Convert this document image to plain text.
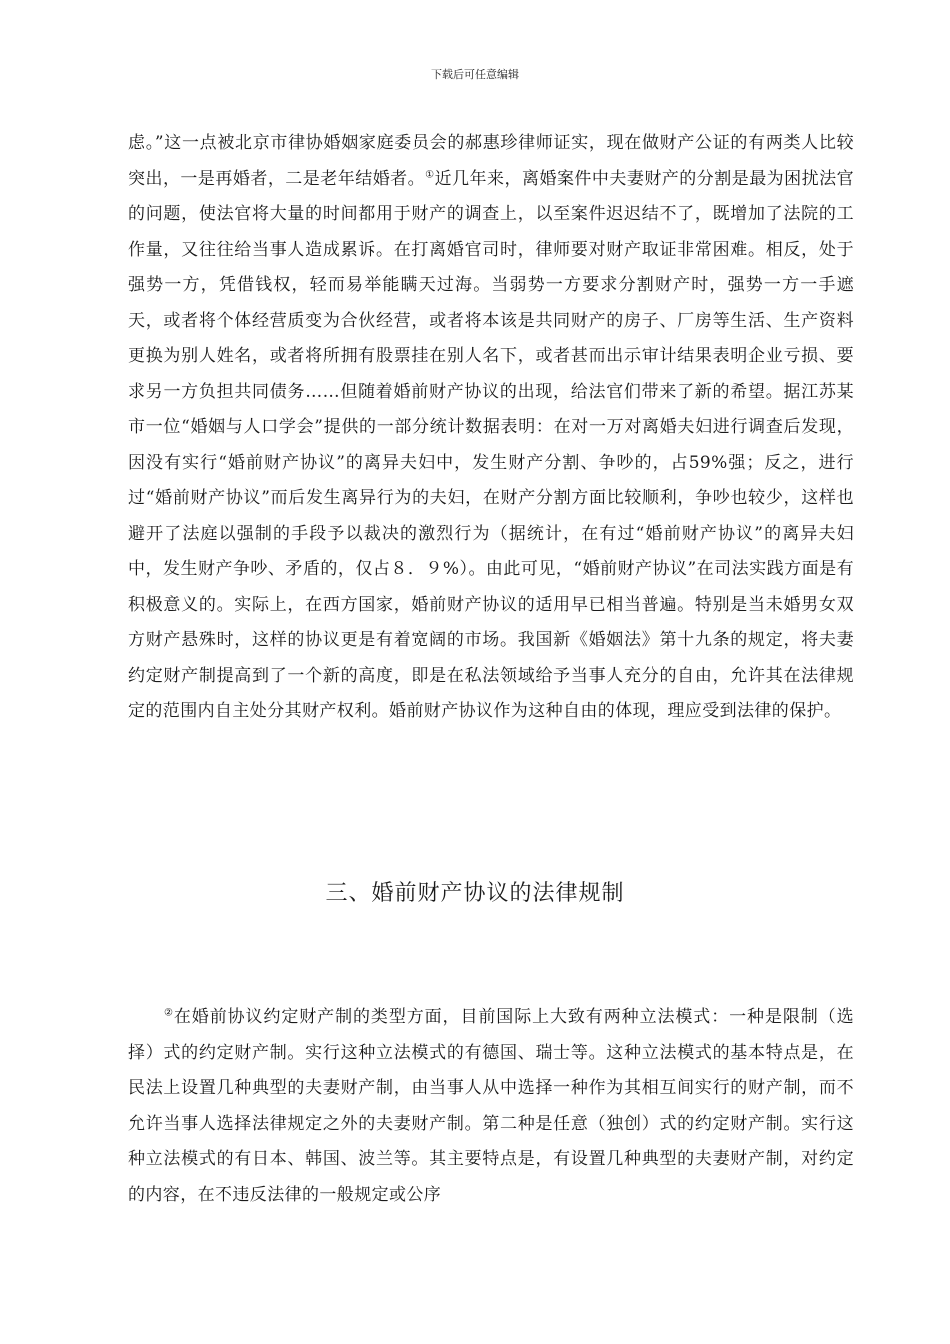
下载后可任意编辑

虑。”这一点被北京市律协婚姻家庭委员会的郝惠珍律师证实，现在做财产公证的有两类人比较突出，一是再婚者，二是老年结婚者。①近几年来，离婚案件中夫妻财产的分割是最为困扰法官的问题，使法官将大量的时间都用于财产的调查上，以至案件迟迟结不了，既增加了法院的工作量，又往往给当事人造成累诉。在打离婚官司时，律师要对财产取证非常困难。相反，处于强势一方，凭借钱权，轻而易举能瞒天过海。当弱势一方要求分割财产时，强势一方一手遮天，或者将个体经营质变为合伙经营，或者将本该是共同财产的房子、厂房等生活、生产资料更换为别人姓名，或者将所拥有股票挂在别人名下，或者甚而出示审计结果表明企业亏损、要求另一方负担共同债务……但随着婚前财产协议的出现，给法官们带来了新的希望。据江苏某市一位“婚姻与人口学会”提供的一部分统计数据表明：在对一万对离婚夫妇进行调查后发现，因没有实行“婚前财产协议”的离异夫妇中，发生财产分割、争吵的，占59%强；反之，进行过“婚前财产协议”而后发生离异行为的夫妇，在财产分割方面比较顺利，争吵也较少，这样也避开了法庭以强制的手段予以裁决的激烈行为（据统计，在有过“婚前财产协议”的离异夫妇中，发生财产争吵、矛盾的，仅占８．９%）。由此可见，“婚前财产协议”在司法实践方面是有积极意义的。实际上，在西方国家，婚前财产协议的适用早已相当普遍。特别是当未婚男女双方财产悬殊时，这样的协议更是有着宽阔的市场。我国新《婚姻法》第十九条的规定，将夫妻约定财产制提高到了一个新的高度，即是在私法领域给予当事人充分的自由，允许其在法律规定的范围内自主处分其财产权利。婚前财产协议作为这种自由的体现，理应受到法律的保护。

三、婚前财产协议的法律规制

②在婚前协议约定财产制的类型方面，目前国际上大致有两种立法模式：一种是限制（选择）式的约定财产制。实行这种立法模式的有德国、瑞士等。这种立法模式的基本特点是，在民法上设置几种典型的夫妻财产制，由当事人从中选择一种作为其相互间实行的财产制，而不允许当事人选择法律规定之外的夫妻财产制。第二种是任意（独创）式的约定财产制。实行这种立法模式的有日本、韩国、波兰等。其主要特点是，有设置几种典型的夫妻财产制，对约定的内容，在不违反法律的一般规定或公序
